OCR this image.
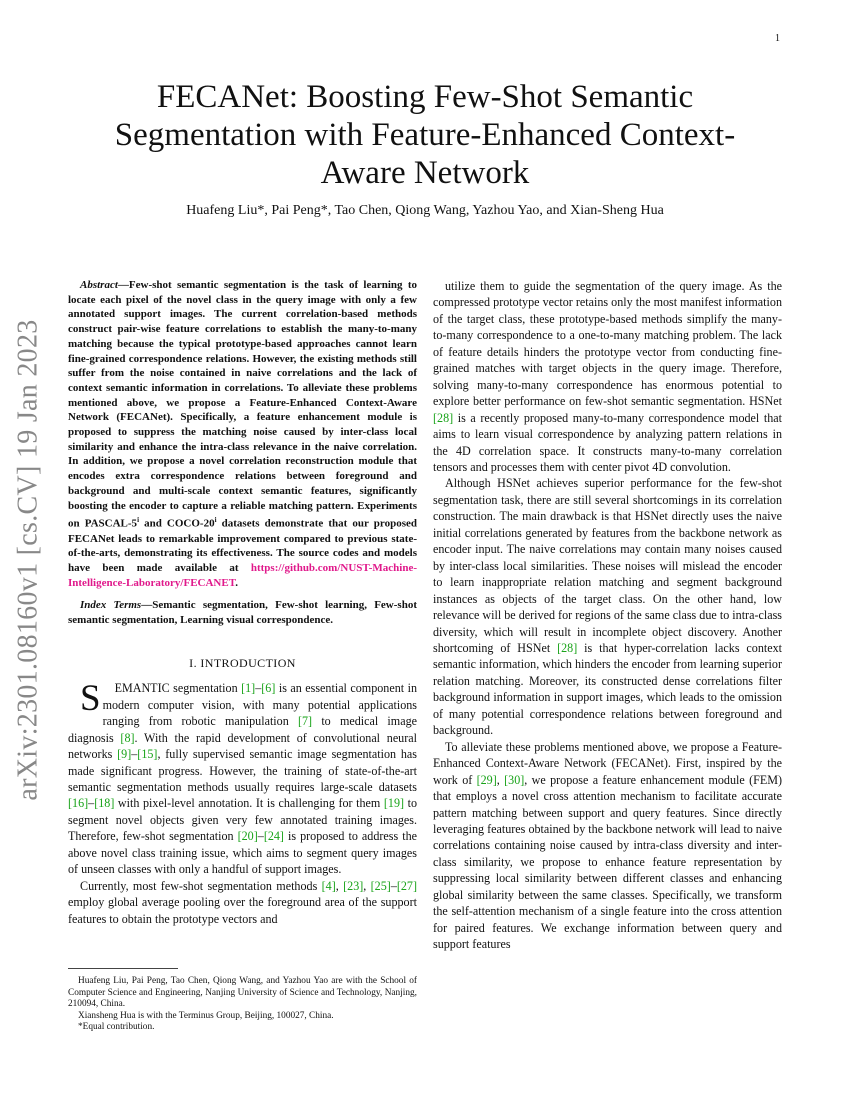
1
arXiv:2301.08160v1 [cs.CV] 19 Jan 2023
FECANet: Boosting Few-Shot Semantic Segmentation with Feature-Enhanced Context-Aware Network
Huafeng Liu*, Pai Peng*, Tao Chen, Qiong Wang, Yazhou Yao, and Xian-Sheng Hua

Abstract—Few-shot semantic segmentation is the task of learning to locate each pixel of the novel class in the query image with only a few annotated support images. The current correlation-based methods construct pair-wise feature correlations to establish the many-to-many matching because the typical prototype-based approaches cannot learn fine-grained correspondence relations. However, the existing methods still suffer from the noise contained in naive correlations and the lack of context semantic information in correlations. To alleviate these problems mentioned above, we propose a Feature-Enhanced Context-Aware Network (FECANet). Specifically, a feature enhancement module is proposed to suppress the matching noise caused by inter-class local similarity and enhance the intra-class relevance in the naive correlation. In addition, we propose a novel correlation reconstruction module that encodes extra correspondence relations between foreground and background and multi-scale context semantic features, significantly boosting the encoder to capture a reliable matching pattern. Experiments on PASCAL-5$^i$ and COCO-20$^i$ datasets demonstrate that our proposed FECANet leads to remarkable improvement compared to previous state-of-the-arts, demonstrating its effectiveness. The source codes and models have been made available at https://github.com/NUST-Machine-Intelligence-Laboratory/FECANET.

Index Terms—Semantic segmentation, Few-shot learning, Few-shot semantic segmentation, Learning visual correspondence.

I. INTRODUCTION

S EMANTIC segmentation [1]–[6] is an essential component in modern computer vision, with many potential applications ranging from robotic manipulation [7] to medical image diagnosis [8]. With the rapid development of convolutional neural networks [9]–[15], fully supervised semantic image segmentation has made significant progress. However, the training of state-of-the-art semantic segmentation methods usually requires large-scale datasets [16]–[18] with pixel-level annotation. It is challenging for them [19] to segment novel objects given very few annotated training images. Therefore, few-shot segmentation [20]–[24] is proposed to address the above novel class training issue, which aims to segment query images of unseen classes with only a handful of support images.

Currently, most few-shot segmentation methods [4], [23], [25]–[27] employ global average pooling over the foreground area of the support features to obtain the prototype vectors and

Huafeng Liu, Pai Peng, Tao Chen, Qiong Wang, and Yazhou Yao are with the School of Computer Science and Engineering, Nanjing University of Science and Technology, Nanjing, 210094, China.

Xiansheng Hua is with the Terminus Group, Beijing, 100027, China.

*Equal contribution.

utilize them to guide the segmentation of the query image. As the compressed prototype vector retains only the most manifest information of the target class, these prototype-based methods simplify the many-to-many correspondence to a one-to-many matching problem. The lack of feature details hinders the prototype vector from conducting fine-grained matches with target objects in the query image. Therefore, solving many-to-many correspondence has enormous potential to explore better performance on few-shot semantic segmentation. HSNet [28] is a recently proposed many-to-many correspondence model that aims to learn visual correspondence by analyzing pattern relations in the 4D correlation space. It constructs many-to-many correlation tensors and processes them with center pivot 4D convolution.

Although HSNet achieves superior performance for the few-shot segmentation task, there are still several shortcomings in its correlation construction. The main drawback is that HSNet directly uses the naive initial correlations generated by features from the backbone network as encoder input. The naive correlations may contain many noises caused by inter-class local similarities. These noises will mislead the encoder to learn inappropriate relation matching and segment background instances as objects of the target class. On the other hand, low relevance will be derived for regions of the same class due to intra-class diversity, which will result in incomplete object discovery. Another shortcoming of HSNet [28] is that hyper-correlation lacks context semantic information, which hinders the encoder from learning superior relation matching. Moreover, its constructed dense correlations filter background information in support images, which leads to the omission of many potential correspondence relations between foreground and background.

To alleviate these problems mentioned above, we propose a Feature-Enhanced Context-Aware Network (FECANet). First, inspired by the work of [29], [30], we propose a feature enhancement module (FEM) that employs a novel cross attention mechanism to facilitate accurate pattern matching between support and query features. Since directly leveraging features obtained by the backbone network will lead to naive correlations containing noise caused by intra-class diversity and inter-class similarity, we propose to enhance feature representation by suppressing local similarity between different classes and enhancing global similarity between the same classes. Specifically, we transform the self-attention mechanism of a single feature into the cross attention for paired features. We exchange information between query and support features
